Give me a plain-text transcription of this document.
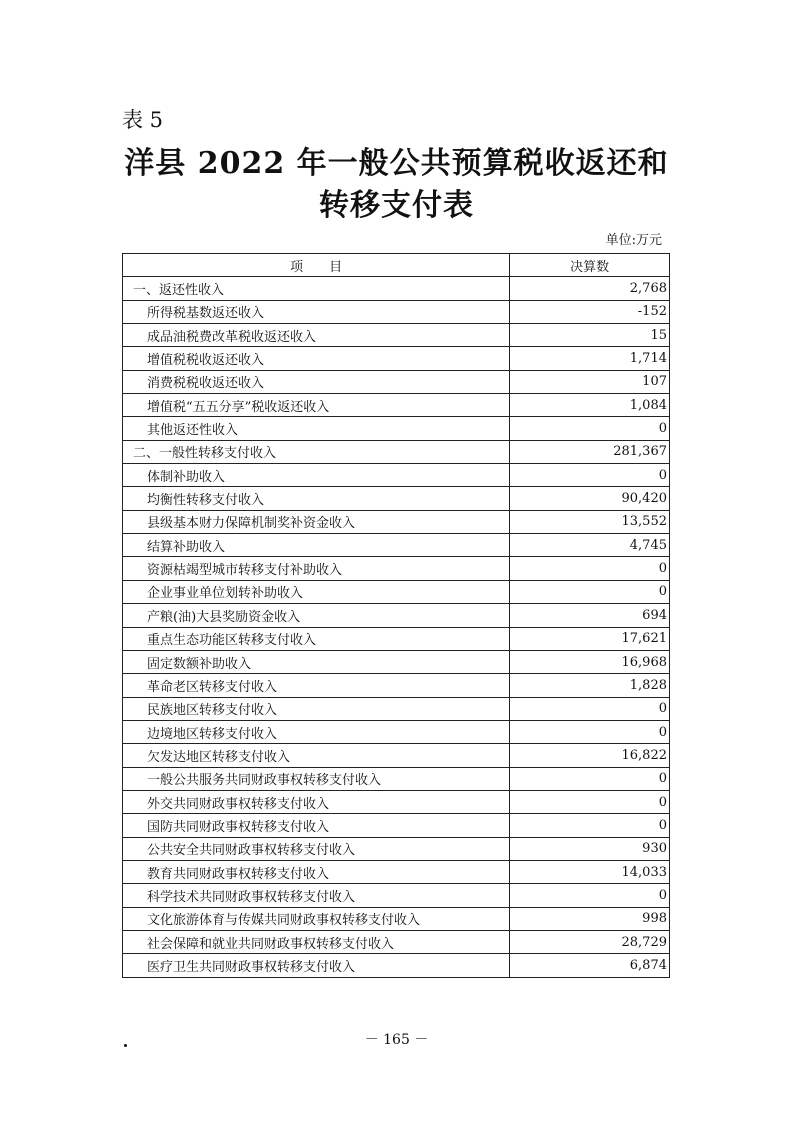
表 5
洋县 2022 年一般公共预算税收返还和
转移支付表
单位:万元
项　　目	决算数
一、返还性收入	2,768
所得税基数返还收入	-152
成品油税费改革税收返还收入	15
增值税税收返还收入	1,714
消费税税收返还收入	107
增值税“五五分享”税收返还收入	1,084
其他返还性收入	0
二、一般性转移支付收入	281,367
体制补助收入	0
均衡性转移支付收入	90,420
县级基本财力保障机制奖补资金收入	13,552
结算补助收入	4,745
资源枯竭型城市转移支付补助收入	0
企业事业单位划转补助收入	0
产粮(油)大县奖励资金收入	694
重点生态功能区转移支付收入	17,621
固定数额补助收入	16,968
革命老区转移支付收入	1,828
民族地区转移支付收入	0
边境地区转移支付收入	0
欠发达地区转移支付收入	16,822
一般公共服务共同财政事权转移支付收入	0
外交共同财政事权转移支付收入	0
国防共同财政事权转移支付收入	0
公共安全共同财政事权转移支付收入	930
教育共同财政事权转移支付收入	14,033
科学技术共同财政事权转移支付收入	0
文化旅游体育与传媒共同财政事权转移支付收入	998
社会保障和就业共同财政事权转移支付收入	28,729
医疗卫生共同财政事权转移支付收入	6,874
－ 165 －
